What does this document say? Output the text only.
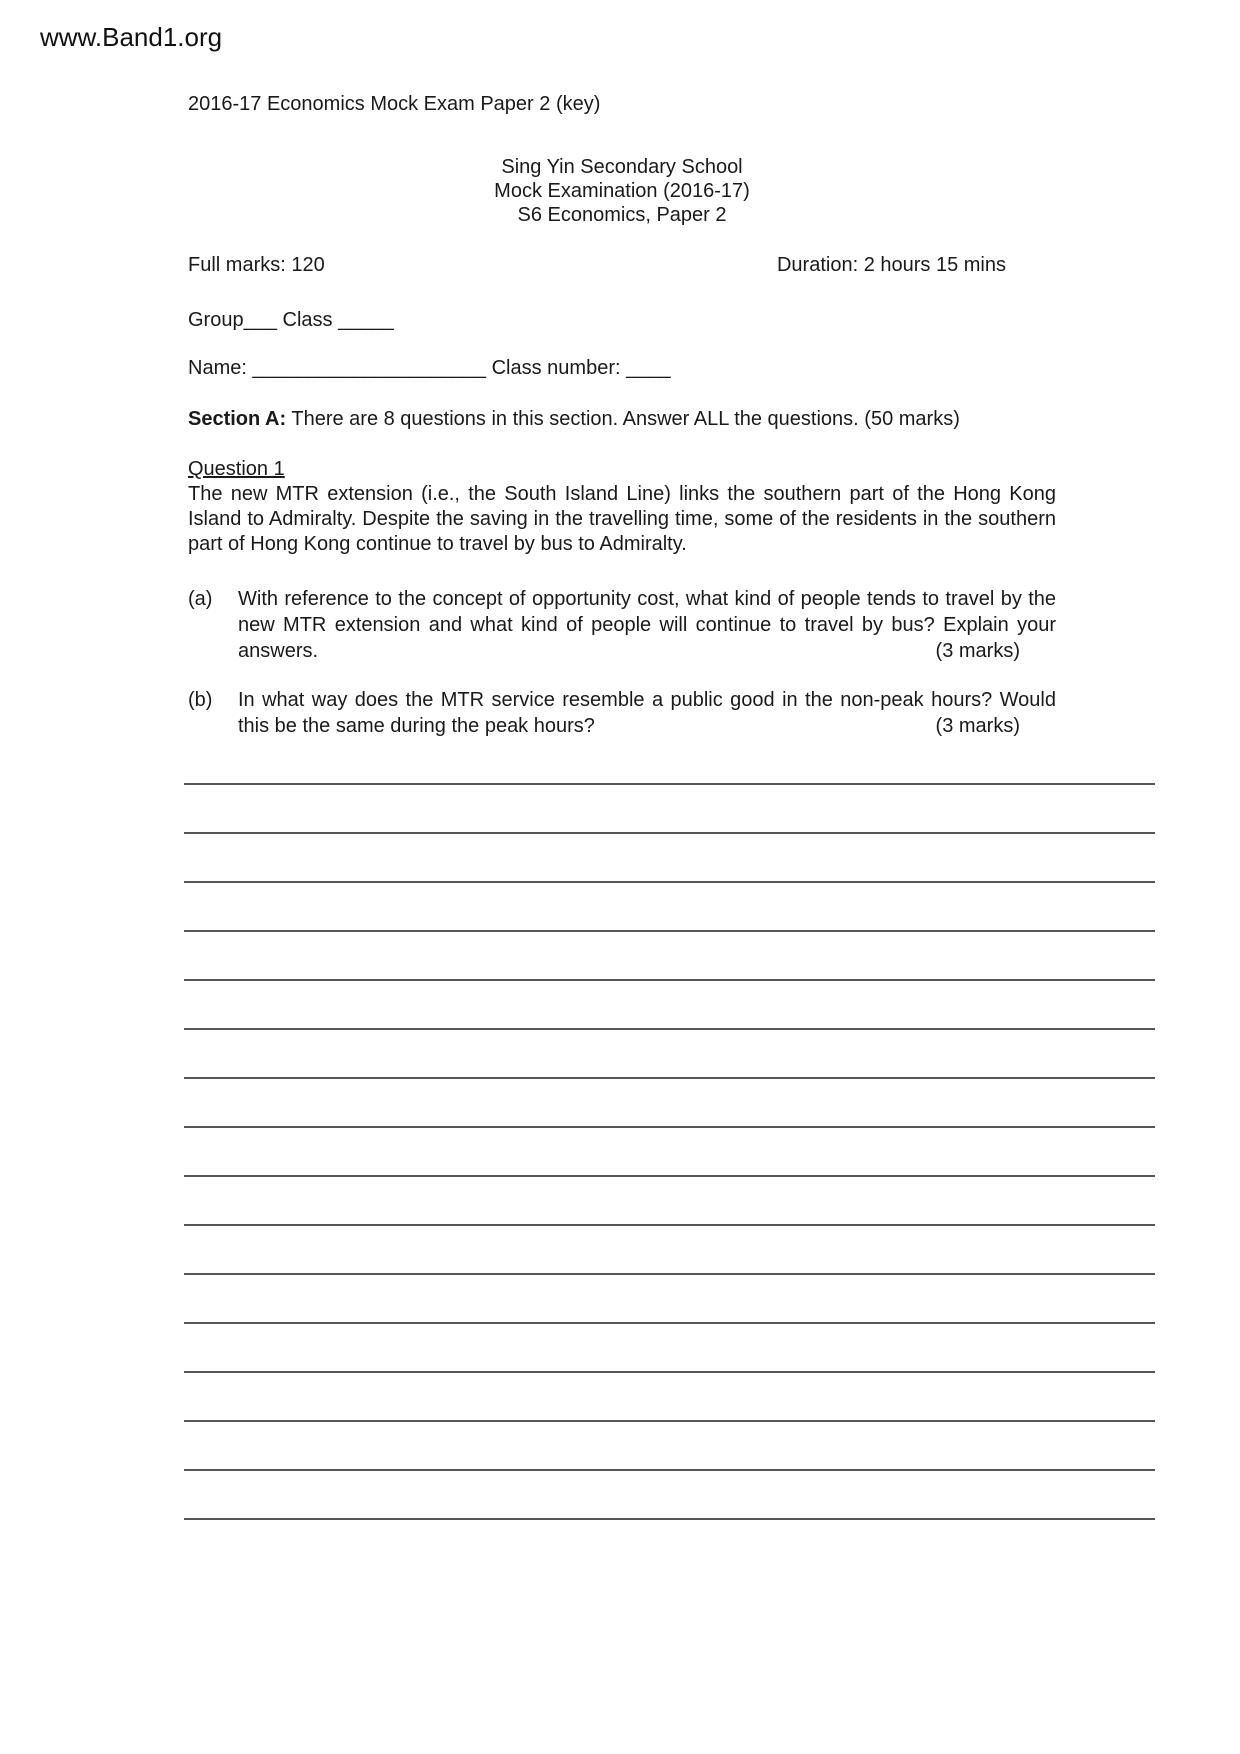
www.Band1.org
2016-17 Economics Mock Exam Paper 2 (key)
Sing Yin Secondary School
Mock Examination (2016-17)
S6 Economics, Paper 2
Full marks: 120	Duration: 2 hours 15 mins
Group___ Class _____
Name: _____________________ Class number: ____
Section A: There are 8 questions in this section. Answer ALL the questions. (50 marks)
Question 1
The new MTR extension (i.e., the South Island Line) links the southern part of the Hong Kong Island to Admiralty. Despite the saving in the travelling time, some of the residents in the southern part of Hong Kong continue to travel by bus to Admiralty.
(a)	With reference to the concept of opportunity cost, what kind of people tends to travel by the new MTR extension and what kind of people will continue to travel by bus? Explain your answers.	(3 marks)
(b)	In what way does the MTR service resemble a public good in the non-peak hours? Would this be the same during the peak hours?	(3 marks)
